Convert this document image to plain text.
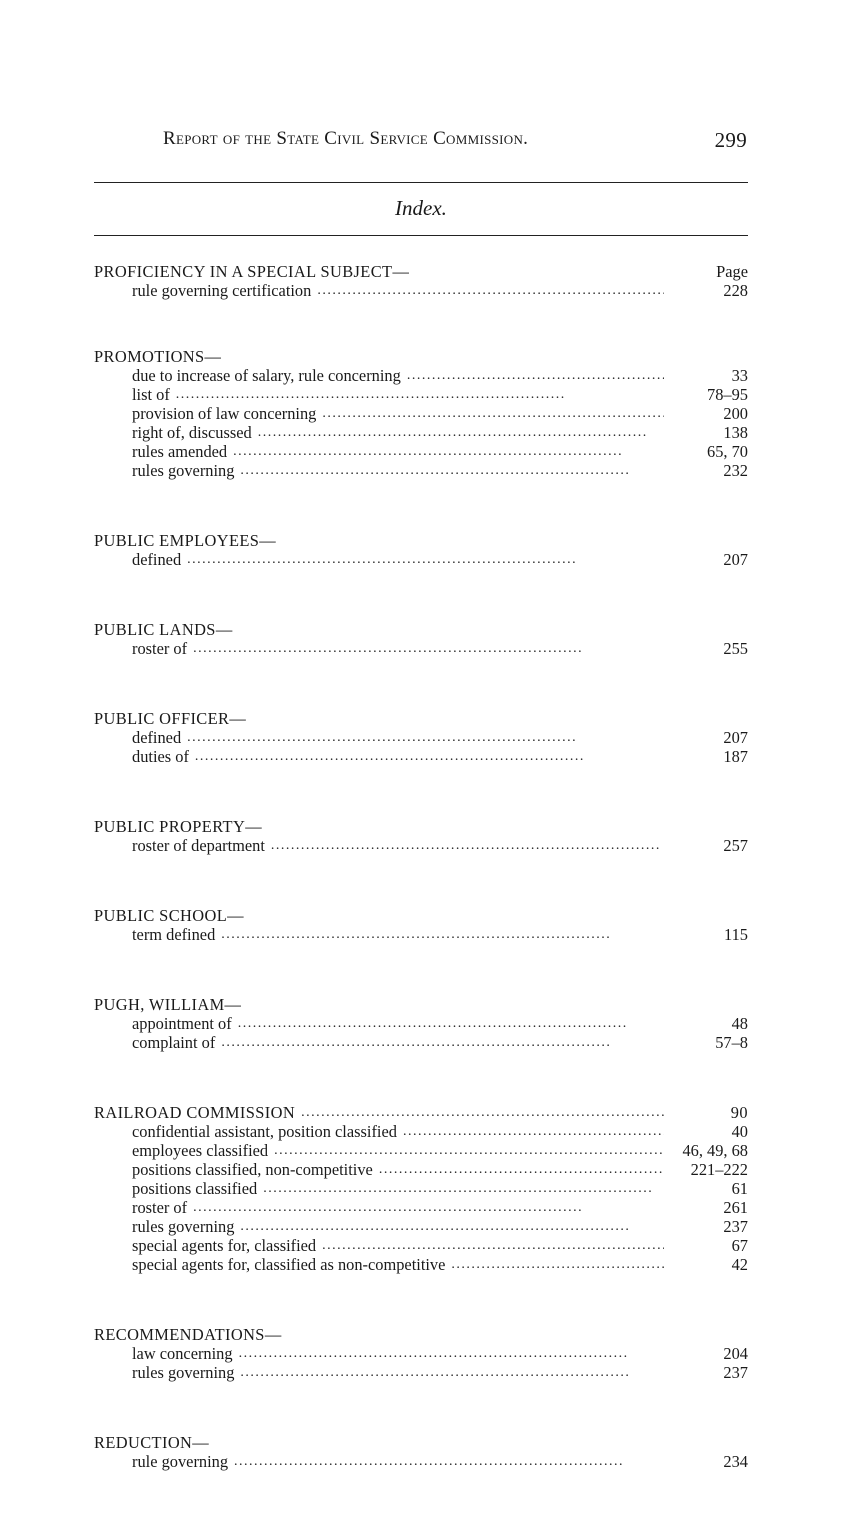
Report of the State Civil Service Commission.	299
Index.
Page
PROFICIENCY IN A SPECIAL SUBJECT—
rule governing certification . . .	228
PROMOTIONS—
due to increase of salary, rule concerning . . .	33
list of . . .	78–95
provision of law concerning . . .	200
right of, discussed . . .	138
rules amended . . .	65, 70
rules governing . . .	232
PUBLIC EMPLOYEES—
defined . . .	207
PUBLIC LANDS—
roster of . . .	255
PUBLIC OFFICER—
defined . . .	207
duties of . . .	187
PUBLIC PROPERTY—
roster of department . . .	257
PUBLIC SCHOOL—
term defined . . .	115
PUGH, WILLIAM—
appointment of . . .	48
complaint of . . .	57–8
RAILROAD COMMISSION . . .	90
confidential assistant, position classified . . .	40
employees classified . . .	46, 49, 68
positions classified, non-competitive . . .	221–222
positions classified . . .	61
roster of . . .	261
rules governing . . .	237
special agents for, classified . . .	67
special agents for, classified as non-competitive . . .	42
RECOMMENDATIONS—
law concerning . . .	204
rules governing . . .	237
REDUCTION—
rule governing . . .	234
